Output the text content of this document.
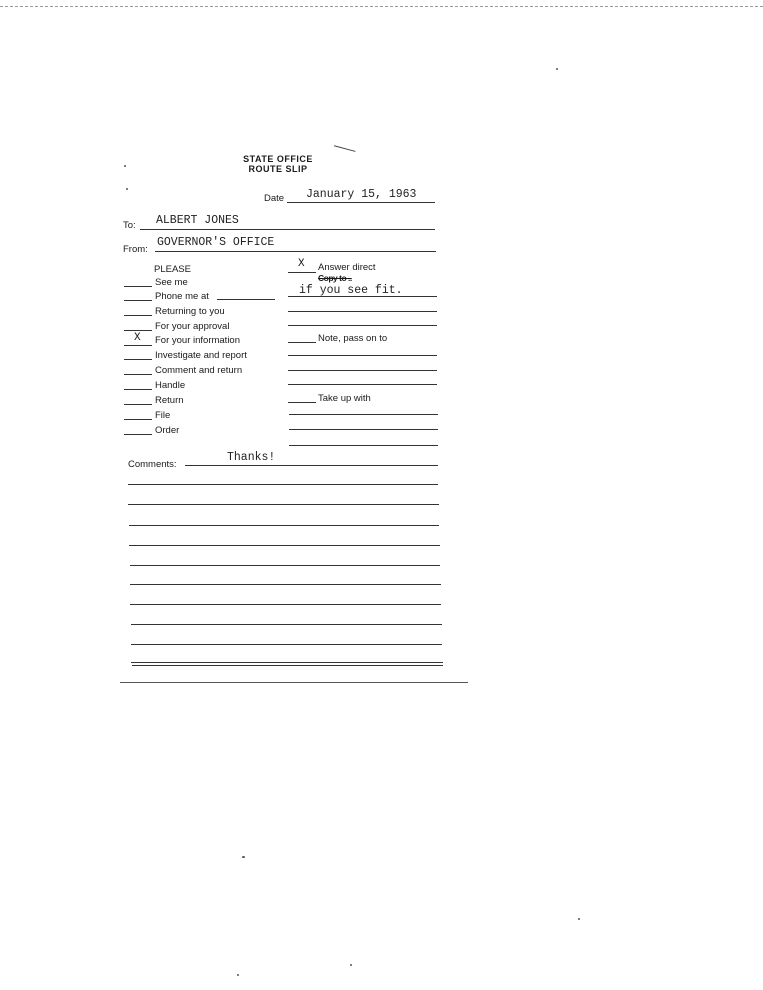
STATE OFFICE
ROUTE SLIP
Date January 15, 1963
To: ALBERT JONES
From:
GOVERNOR'S OFFICE
PLEASE
See me
Phone me at
Returning to you
For your approval
X For your information
Investigate and report
Comment and return
Handle
Return
File
Order
X Answer direct
Copy to ..
if you see fit.
Note, pass on to
Take up with
Comments:
Thanks!
